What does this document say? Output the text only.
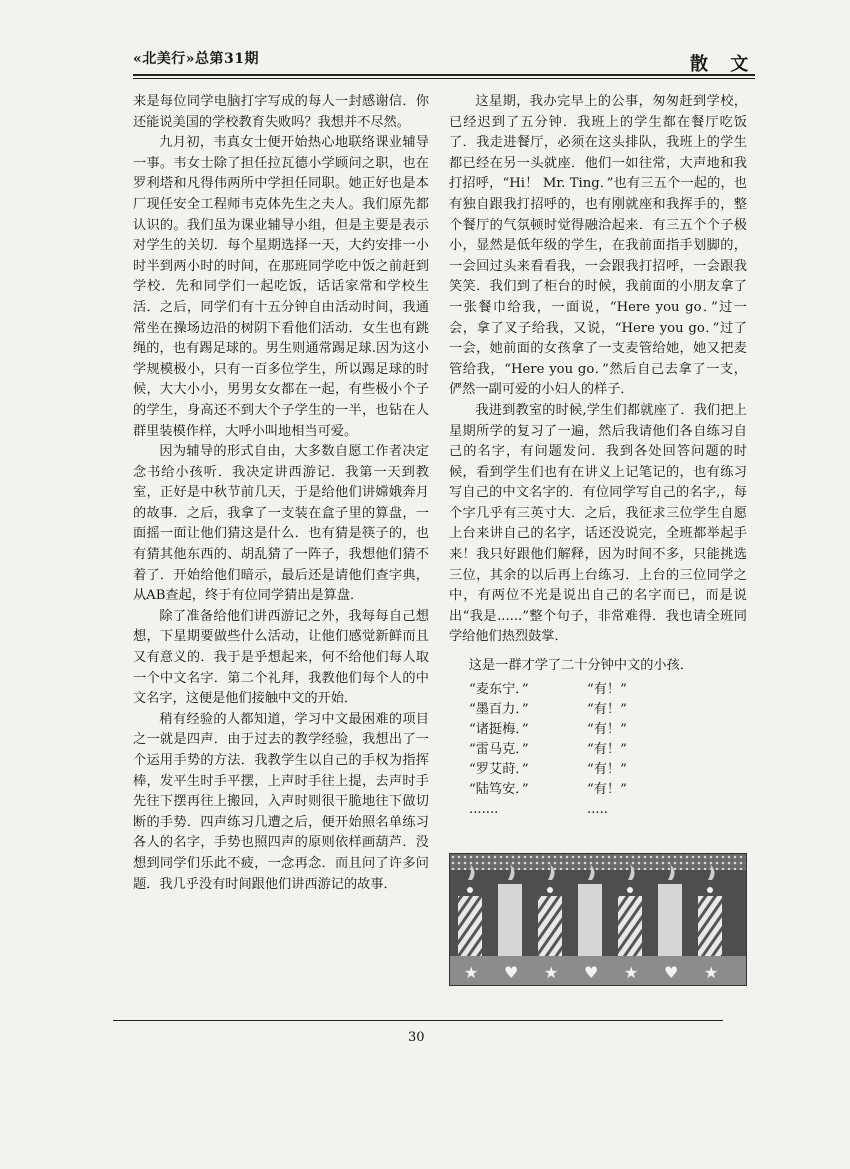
«北美行»总第31期	散 文

来是每位同学电脑打字写成的每人一封感谢信．你还能说美国的学校教育失败吗？我想并不尽然。

九月初，韦真女士便开始热心地联络课业辅导一事。韦女士除了担任拉瓦德小学顾问之职，也在罗利塔和凡得伟两所中学担任同职。她正好也是本厂现任安全工程师韦克体先生之夫人。我们原先都认识的。我们虽为课业辅导小组，但是主要是表示对学生的关切．每个星期选择一天，大约安排一小时半到两小时的时间，在那班同学吃中饭之前赶到学校．先和同学们一起吃饭，话话家常和学校生活．之后，同学们有十五分钟自由活动时间，我通常坐在操场边沿的树阴下看他们活动．女生也有跳绳的，也有踢足球的。男生则通常踢足球.因为这小学规模极小，只有一百多位学生，所以踢足球的时候，大大小小，男男女女都在一起，有些极小个子的学生，身高还不到大个子学生的一半，也钻在人群里装模作样，大呼小叫地相当可爱。

因为辅导的形式自由，大多数自愿工作者决定念书给小孩听．我决定讲西游记．我第一天到教室，正好是中秋节前几天，于是给他们讲嫦娥奔月的故事．之后，我拿了一支装在盒子里的算盘，一面摇一面让他们猜这是什么．也有猜是筷子的，也有猜其他东西的、胡乱猜了一阵子，我想他们猜不着了．开始给他们暗示，最后还是请他们查字典，从AB查起，终于有位同学猜出是算盘．

除了准备给他们讲西游记之外，我每每自己想想，下星期要做些什么活动，让他们感觉新鲜而且又有意义的．我于是乎想起来，何不给他们每人取一个中文名字．第二个礼拜，我教他们每个人的中文名字，这便是他们接触中文的开始．

稍有经验的人都知道，学习中文最困难的项目之一就是四声．由于过去的教学经验，我想出了一个运用手势的方法．我教学生以自己的手权为指挥棒，发平生时手平摆，上声时手往上提，去声时手先往下摆再往上搬回，入声时则很干脆地往下做切断的手势．四声练习几遭之后，便开始照名单练习各人的名字，手势也照四声的原则依样画葫芦．没想到同学们乐此不疲，一念再念．而且问了许多问题．我几乎没有时间跟他们讲西游记的故事．

这星期，我办完早上的公事，匆匆赶到学校，已经迟到了五分钟．我班上的学生都在餐厅吃饭了．我走进餐厅，必须在这头排队，我班上的学生都已经在另一头就座．他们一如往常，大声地和我打招呼，“Hi！ Mr. Ting．”也有三五个一起的，也有独自跟我打招呼的，也有刚就座和我挥手的，整个餐厅的气氛顿时觉得融洽起来．有三五个个子极小，显然是低年级的学生，在我前面指手划脚的，一会回过头来看看我，一会跟我打招呼，一会跟我笑笑．我们到了柜台的时候，我前面的小朋友拿了一张餐巾给我，一面说，“Here you go．”过一会，拿了叉子给我，又说，“Here you go．”过了一会，她前面的女孩拿了一支麦管给她，她又把麦管给我，“Here you go．”然后自己去拿了一支，俨然一副可爱的小妇人的样子．

我进到教室的时候,学生们都就座了．我们把上星期所学的复习了一遍，然后我请他们各自练习自己的名字，有问题发问．我到各处回答问题的时候，看到学生们也有在讲义上记笔记的，也有练习写自己的中文名字的．有位同学写自己的名字,，每个字几乎有三英寸大．之后，我征求三位学生自愿上台来讲自己的名字，话还没说完，全班都举起手来！我只好跟他们解释，因为时间不多，只能挑选三位，其余的以后再上台练习．上台的三位同学之中，有两位不光是说出自己的名字而已，而是说出“我是......”整个句子，非常难得．我也请全班同学给他们热烈鼓掌．

这是一群才学了二十分钟中文的小孩．

“麦东宁．”	“有！”
“墨百力．”	“有！”
“诸挺梅．”	“有！”
“雷马克．”	“有！”
“罗艾莳．”	“有！”
“陆笃安．”	“有！”
.......	.....
★ ♥ ★ ♥ ★ ♥ ★
30
